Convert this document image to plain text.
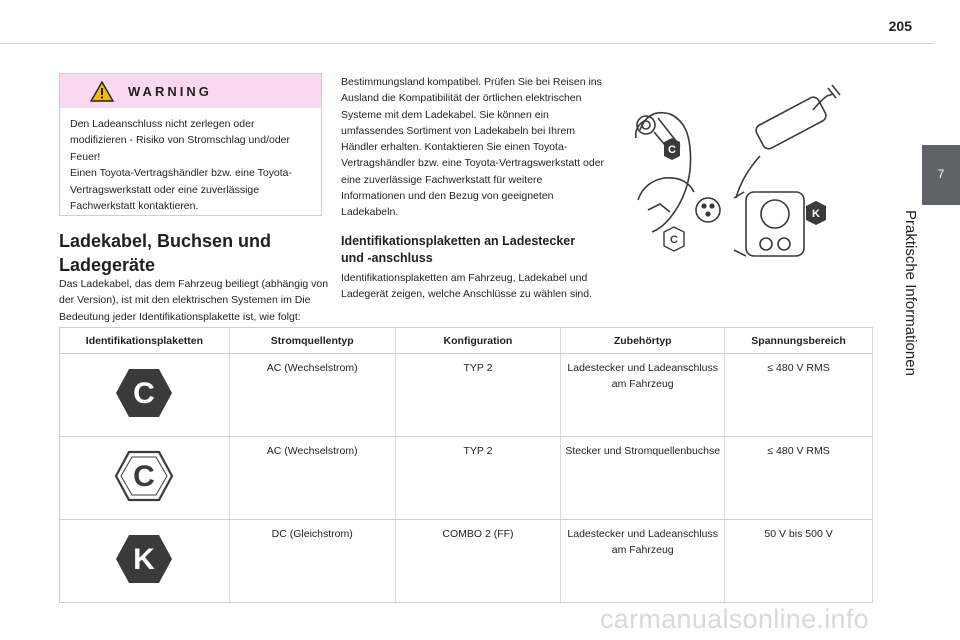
205
7
Praktische Informationen
WARNING
Den Ladeanschluss nicht zerlegen oder
modifizieren - Risiko von Stromschlag und/oder
Feuer!
Einen Toyota-Vertragshändler bzw. eine Toyota-
Vertragswerkstatt oder eine zuverlässige
Fachwerkstatt kontaktieren.
Ladekabel, Buchsen und Ladegeräte
Das Ladekabel, das dem Fahrzeug beiliegt (abhängig von der Version), ist mit den elektrischen Systemen im Die Bedeutung jeder Identifikationsplakette ist, wie folgt:
Bestimmungsland kompatibel. Prüfen Sie bei Reisen ins Ausland die Kompatibilität der örtlichen elektrischen Systeme mit dem Ladekabel. Sie können ein umfassendes Sortiment von Ladekabeln bei Ihrem Händler erhalten. Kontaktieren Sie einen Toyota-Vertragshändler bzw. eine Toyota-Vertragswerkstatt oder eine zuverlässige Fachwerkstatt für weitere Informationen und den Bezug von geeigneten Ladekabeln.
Identifikationsplaketten an Ladestecker und -anschluss
Identifikationsplaketten am Fahrzeug, Ladekabel und Ladegerät zeigen, welche Anschlüsse zu wählen sind.
C
C
K
Identifikationsplaketten	Stromquellentyp	Konfiguration	Zubehörtyp	Spannungsbereich

C	AC (Wechselstrom)	TYP 2	Ladestecker und Ladeanschluss am Fahrzeug	≤ 480 V RMS

C	AC (Wechselstrom)	TYP 2	Stecker und Stromquellenbuchse	≤ 480 V RMS

K	DC (Gleichstrom)	COMBO 2 (FF)	Ladestecker und Ladeanschluss am Fahrzeug	50 V bis 500 V
carmanualsonline.info
